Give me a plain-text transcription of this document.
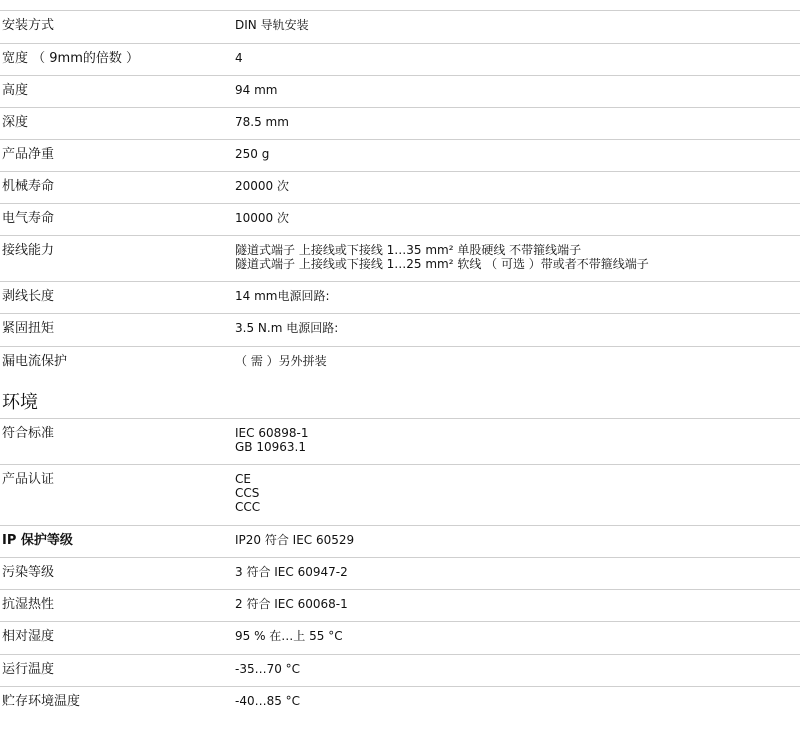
安装方式	DIN 导轨安装
宽度 （ 9mm的倍数 ）	4
高度	94 mm
深度	78.5 mm
产品净重	250 g
机械寿命	20000 次
电气寿命	10000 次
接线能力	隧道式端子 上接线或下接线 1…35 mm² 单股硬线 不带箍线端子
隧道式端子 上接线或下接线 1…25 mm² 软线 （ 可选 ）带或者不带箍线端子
剥线长度	14 mm电源回路:
紧固扭矩	3.5 N.m 电源回路:
漏电流保护	（ 需 ）另外拼装
环境
符合标准	IEC 60898-1
GB 10963.1
产品认证	CE
CCS
CCC
IP 保护等级	IP20 符合 IEC 60529
污染等级	3 符合 IEC 60947-2
抗湿热性	2 符合 IEC 60068-1
相对湿度	95 % 在…上 55 °C
运行温度	-35…70 °C
贮存环境温度	-40…85 °C
